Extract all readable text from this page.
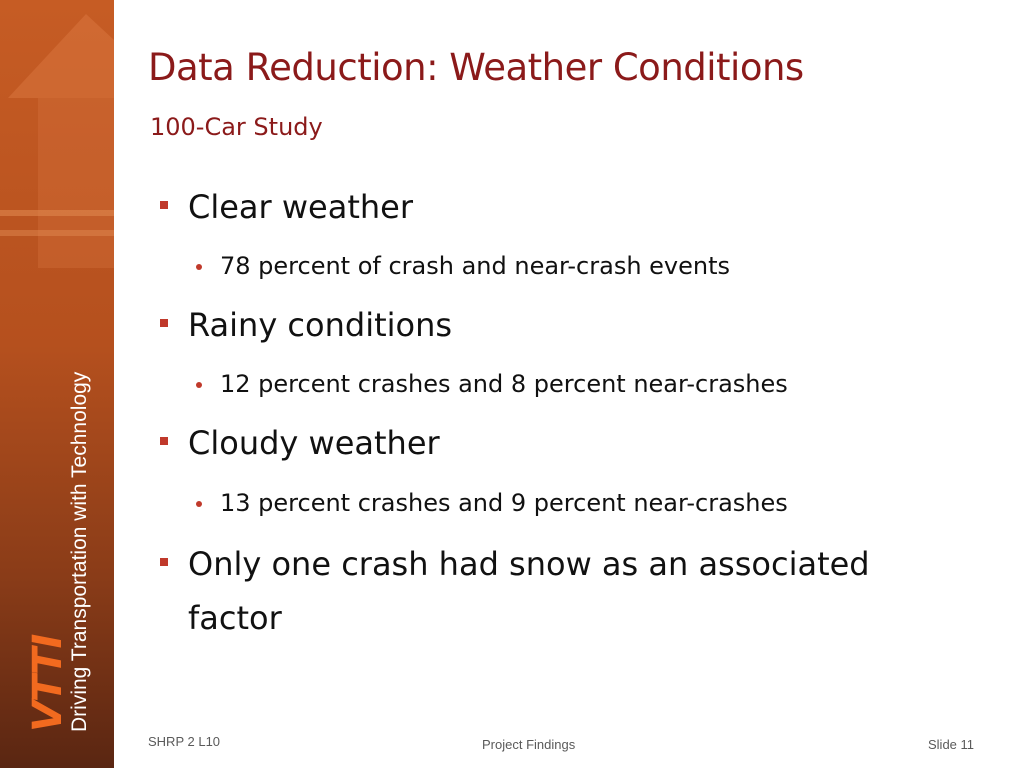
VTTI
Driving Transportation with Technology
Data Reduction: Weather Conditions
100-Car Study
Clear weather
78 percent of crash and near-crash events
Rainy conditions
12 percent crashes and 8 percent near-crashes
Cloudy weather
13 percent crashes and 9 percent near-crashes
Only one crash had snow as an associated factor
SHRP 2 L10	Project Findings	Slide 11
